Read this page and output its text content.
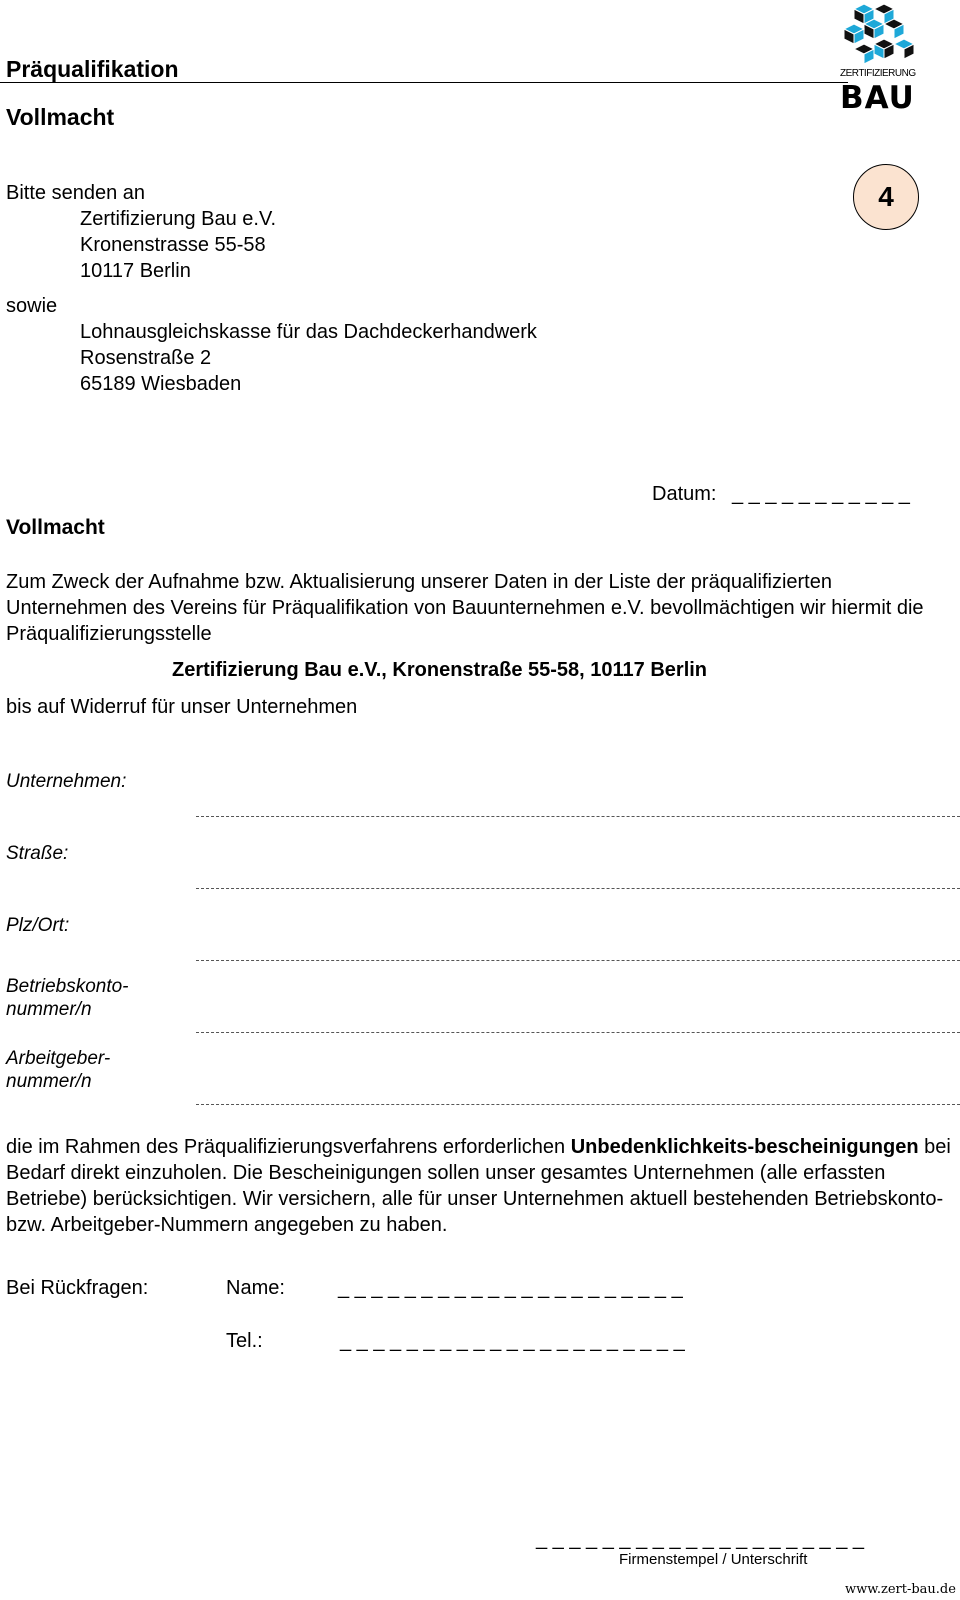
Präqualifikation
Vollmacht
ZERTIFIZIERUNG
BAU
4
Bitte senden an
Zertifizierung Bau e.V.
Kronenstrasse 55-58
10117 Berlin
sowie
Lohnausgleichskasse für das Dachdeckerhandwerk
Rosenstraße 2
65189 Wiesbaden
Datum: _ _ _ _ _ _ _ _ _ _ _
Vollmacht
Zum Zweck der Aufnahme bzw. Aktualisierung unserer Daten in der Liste der präqualifizierten Unternehmen des Vereins für Präqualifikation von Bauunternehmen e.V. bevollmächtigen wir hiermit die Präqualifizierungsstelle
Zertifizierung Bau e.V., Kronenstraße 55-58, 10117 Berlin
bis auf Widerruf für unser Unternehmen
Unternehmen:
Straße:
Plz/Ort:
Betriebskonto-
nummer/n
Arbeitgeber-
nummer/n
die im Rahmen des Präqualifizierungsverfahrens erforderlichen Unbedenklichkeits-bescheinigungen bei Bedarf direkt einzuholen. Die Bescheinigungen sollen unser gesamtes Unternehmen (alle erfassten Betriebe) berücksichtigen. Wir versichern, alle für unser Unternehmen aktuell bestehenden Betriebskonto- bzw. Arbeitgeber-Nummern angegeben zu haben.
Bei Rückfragen:	Name:	_ _ _ _ _ _ _ _ _ _ _ _ _ _ _ _ _ _ _ _ _
Tel.:	_ _ _ _ _ _ _ _ _ _ _ _ _ _ _ _ _ _ _ _ _
_ _ _ _ _ _ _ _ _ _ _ _ _ _ _ _ _ _ _ _
Firmenstempel / Unterschrift
www.zert-bau.de
